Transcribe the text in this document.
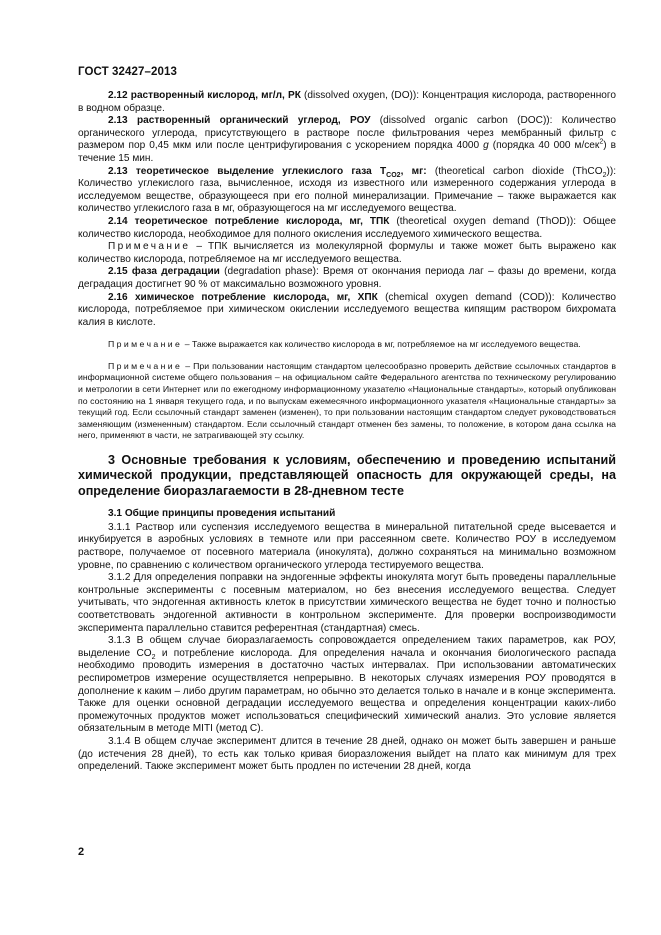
ГОСТ 32427–2013

2.12 растворенный кислород, мг/л, РК (dissolved oxygen, (DO)): Концентрация кислорода, растворенного в водном образце.

2.13 растворенный органический углерод, РОУ (dissolved organic carbon (DOC)): Количество органического углерода, присутствующего в растворе после фильтрования через мембранный фильтр с размером пор 0,45 мкм или после центрифугирования с ускорением порядка 4000 g (порядка 40 000 м/сек$^2$) в течение 15 мин.

2.13 теоретическое выделение углекислого газа $T_{CO2}$, мг: (theoretical carbon dioxide (ThCO$_2$)): Количество углекислого газа, вычисленное, исходя из известного или измеренного содержания углерода в исследуемом веществе, образующееся при его полной минерализации. Примечание – также выражается как количество углекислого газа в мг, образующегося на мг исследуемого вещества.

2.14 теоретическое потребление кислорода, мг, ТПК (theoretical oxygen demand (ThOD)): Общее количество кислорода, необходимое для полного окисления исследуемого химического вещества.

Примечание – ТПК вычисляется из молекулярной формулы и также может быть выражено как количество кислорода, потребляемое на мг исследуемого вещества.

2.15 фаза деградации (degradation phase): Время от окончания периода лаг – фазы до времени, когда деградация достигнет 90 % от максимально возможного уровня.

2.16 химическое потребление кислорода, мг, ХПК (chemical oxygen demand (COD)): Количество кислорода, потребляемое при химическом окислении исследуемого вещества кипящим раствором бихромата калия в кислоте.

Примечание – Также выражается как количество кислорода в мг, потребляемое на мг исследуемого вещества.

Примечание – При пользовании настоящим стандартом целесообразно проверить действие ссылочных стандартов в информационной системе общего пользования – на официальном сайте Федерального агентства по техническому регулированию и метрологии в сети Интернет или по ежегодному информационному указателю «Национальные стандарты», который опубликован по состоянию на 1 января текущего года, и по выпускам ежемесячного информационного указателя «Национальные стандарты» за текущий год. Если ссылочный стандарт заменен (изменен), то при пользовании настоящим стандартом следует руководствоваться заменяющим (измененным) стандартом. Если ссылочный стандарт отменен без замены, то положение, в котором дана ссылка на него, применяют в части, не затрагивающей эту ссылку.

3 Основные требования к условиям, обеспечению и проведению испытаний химической продукции, представляющей опасность для окружающей среды, на определение биоразлагаемости в 28-дневном тесте

3.1 Общие принципы проведения испытаний

3.1.1 Раствор или суспензия исследуемого вещества в минеральной питательной среде высевается и инкубируется в аэробных условиях в темноте или при рассеянном свете. Количество РОУ в исследуемом растворе, получаемое от посевного материала (инокулята), должно сохраняться на минимально возможном уровне, по сравнению с количеством органического углерода тестируемого вещества.

3.1.2 Для определения поправки на эндогенные эффекты инокулята могут быть проведены параллельные контрольные эксперименты с посевным материалом, но без внесения исследуемого вещества. Следует учитывать, что эндогенная активность клеток в присутствии химического вещества не будет точно и полностью соответствовать эндогенной активности в контрольном эксперименте. Для проверки воспроизводимости эксперимента параллельно ставится референтная (стандартная) смесь.

3.1.3 В общем случае биоразлагаемость сопровождается определением таких параметров, как РОУ, выделение $CO_2$ и потребление кислорода. Для определения начала и окончания биологического распада необходимо проводить измерения в достаточно частых интервалах. При использовании автоматических респирометров измерение осуществляется непрерывно. В некоторых случаях измерения РОУ проводятся в дополнение к каким – либо другим параметрам, но обычно это делается только в начале и в конце эксперимента. Также для оценки основной деградации исследуемого вещества и определения концентрации каких-либо промежуточных продуктов может использоваться специфический химический анализ. Это условие является обязательным в методе MITI (метод С).

3.1.4 В общем случае эксперимент длится в течение 28 дней, однако он может быть завершен и раньше (до истечения 28 дней), то есть как только кривая биоразложения выйдет на плато как минимум для трех определений. Также эксперимент может быть продлен по истечении 28 дней, когда

2
